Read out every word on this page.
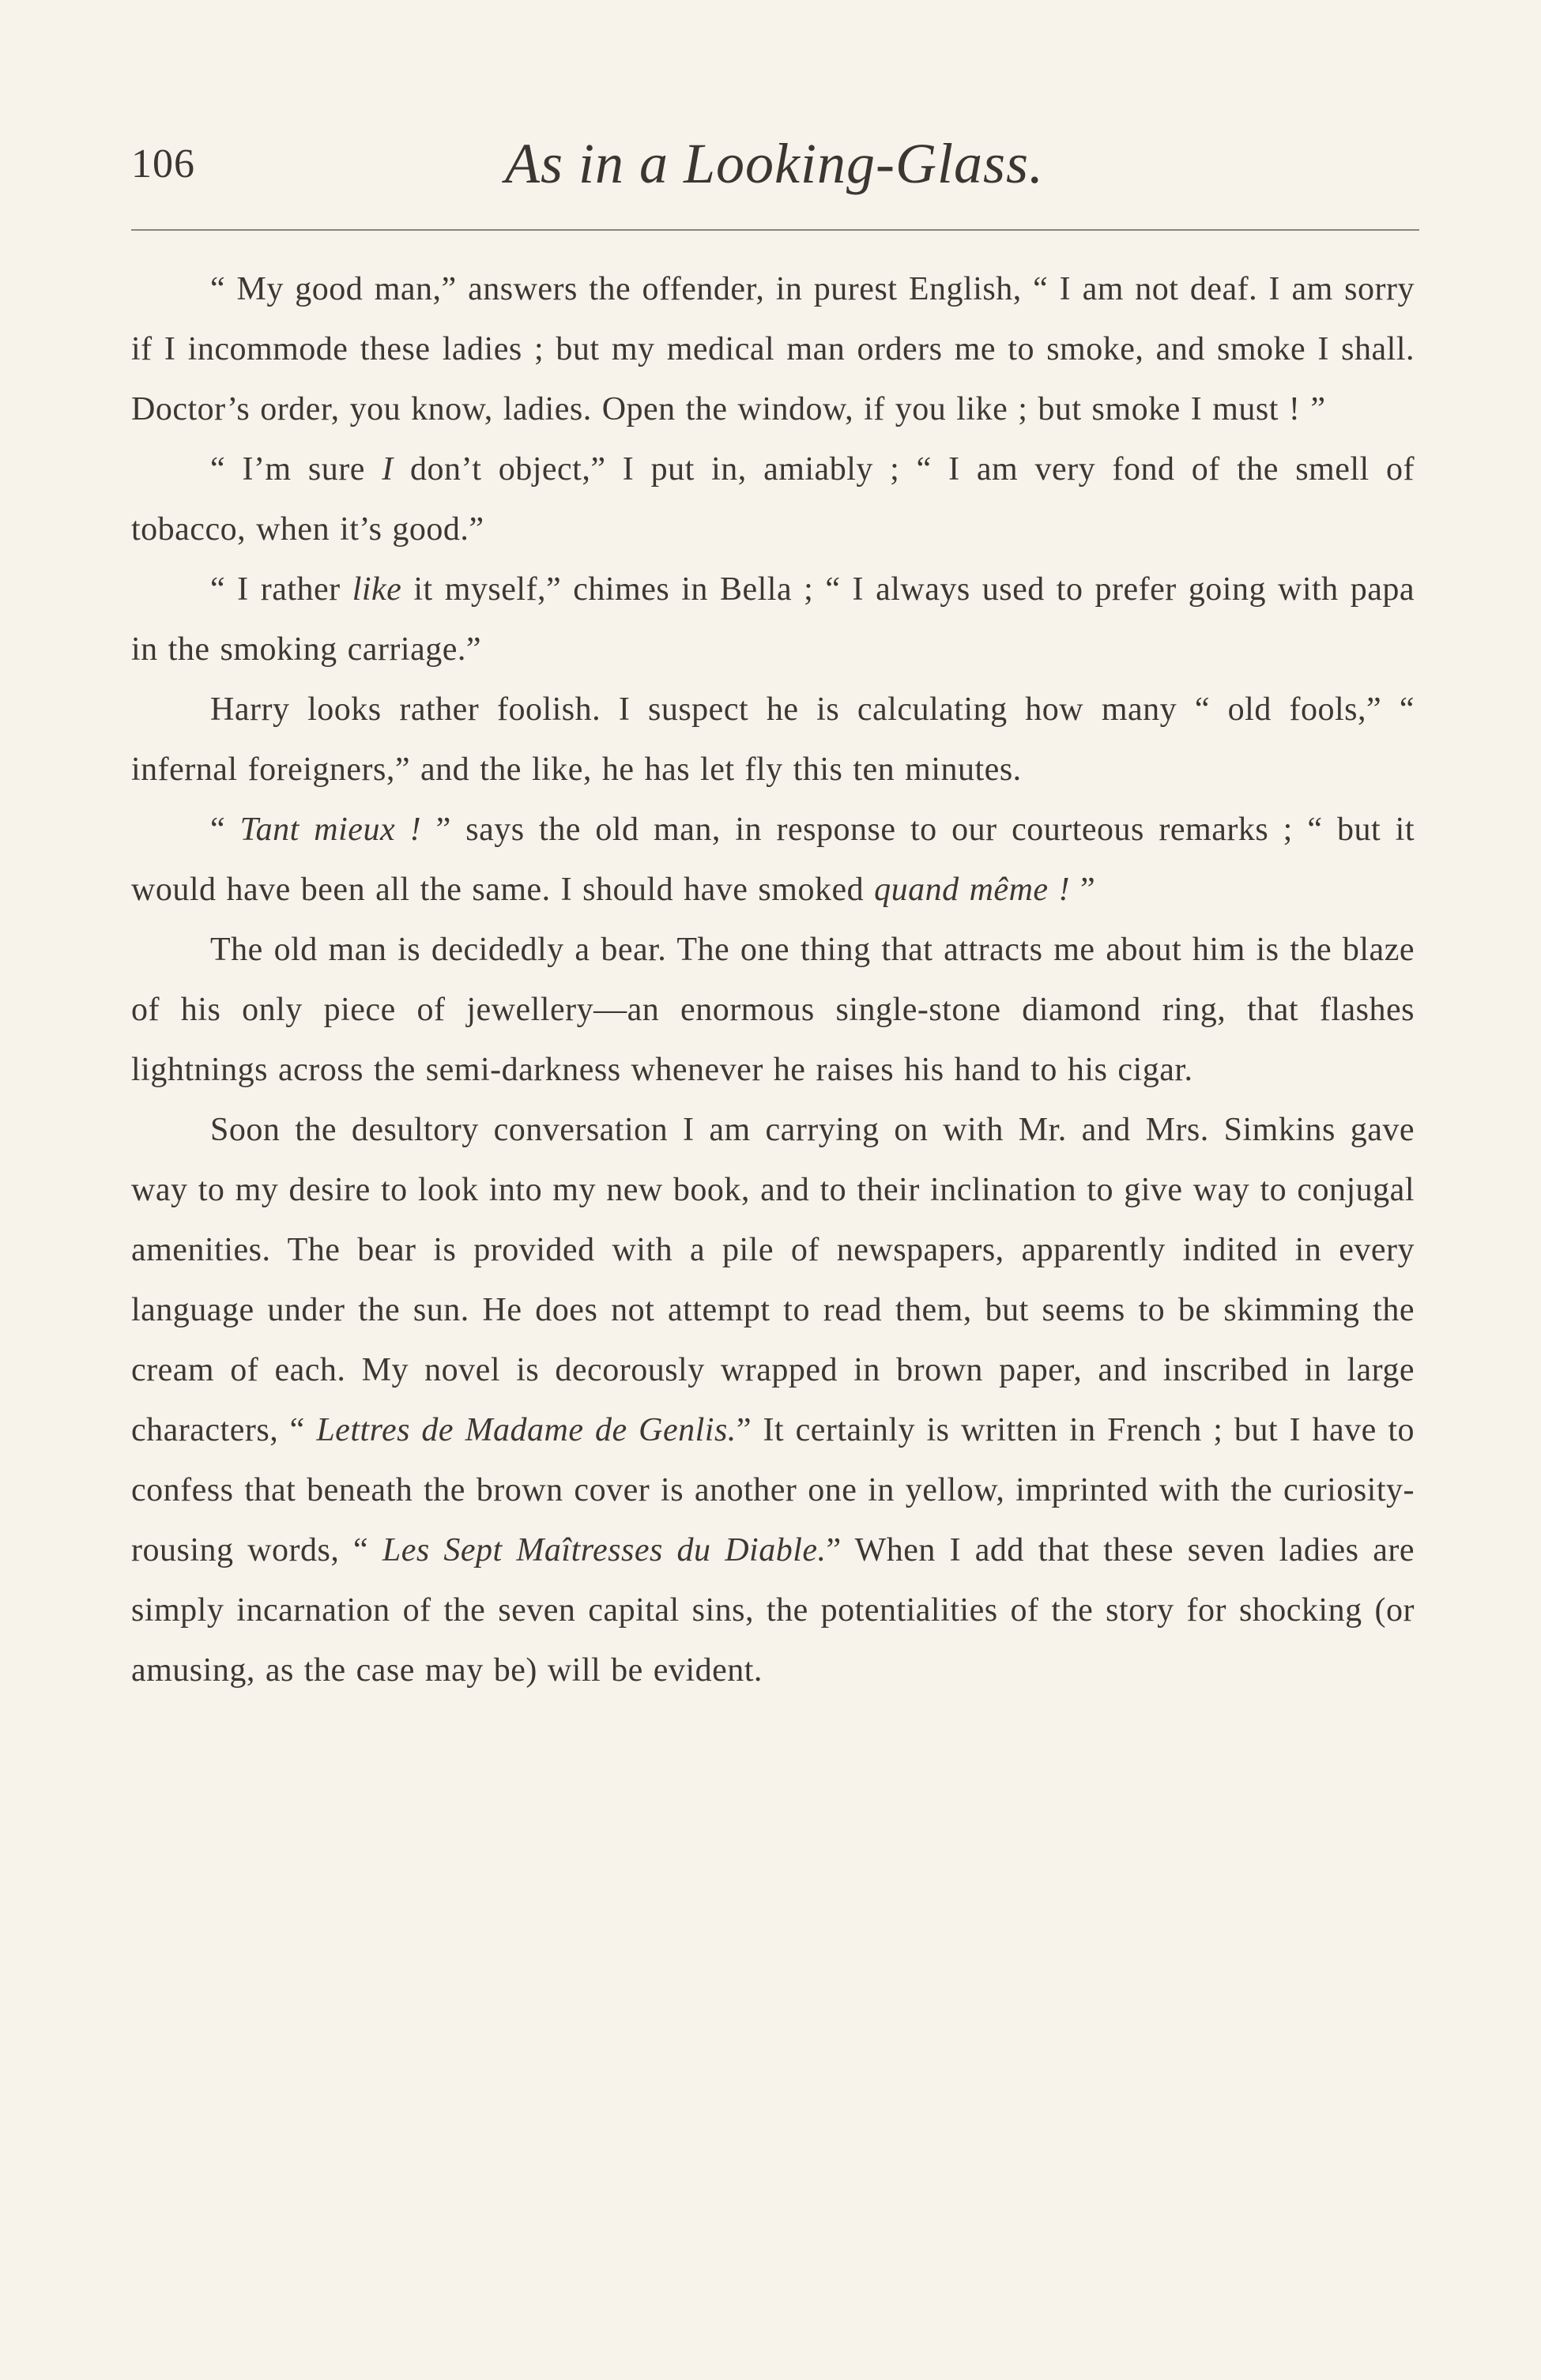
106	As in a Looking-Glass.

“ My good man,” answers the offender, in purest English, “ I am not deaf. I am sorry if I incommode these ladies ; but my medical man orders me to smoke, and smoke I shall. Doctor’s order, you know, ladies. Open the window, if you like ; but smoke I must ! ”

“ I’m sure I don’t object,” I put in, amiably ; “ I am very fond of the smell of tobacco, when it’s good.”

“ I rather like it myself,” chimes in Bella ; “ I always used to prefer going with papa in the smoking carriage.”

Harry looks rather foolish. I suspect he is calculating how many “ old fools,” “ infernal foreigners,” and the like, he has let fly this ten minutes.

“ Tant mieux ! ” says the old man, in response to our courteous remarks ; “ but it would have been all the same. I should have smoked quand même ! ”

The old man is decidedly a bear. The one thing that attracts me about him is the blaze of his only piece of jewellery—an enormous single-stone diamond ring, that flashes lightnings across the semi-darkness whenever he raises his hand to his cigar.

Soon the desultory conversation I am carrying on with Mr. and Mrs. Simkins gave way to my desire to look into my new book, and to their inclination to give way to conjugal amenities. The bear is provided with a pile of newspapers, apparently indited in every language under the sun. He does not attempt to read them, but seems to be skimming the cream of each. My novel is decorously wrapped in brown paper, and inscribed in large characters, “ Lettres de Madame de Genlis.” It certainly is written in French ; but I have to confess that beneath the brown cover is another one in yellow, imprinted with the curiosity-rousing words, “ Les Sept Maîtresses du Diable.” When I add that these seven ladies are simply incarnation of the seven capital sins, the potentialities of the story for shocking (or amusing, as the case may be) will be evident.
